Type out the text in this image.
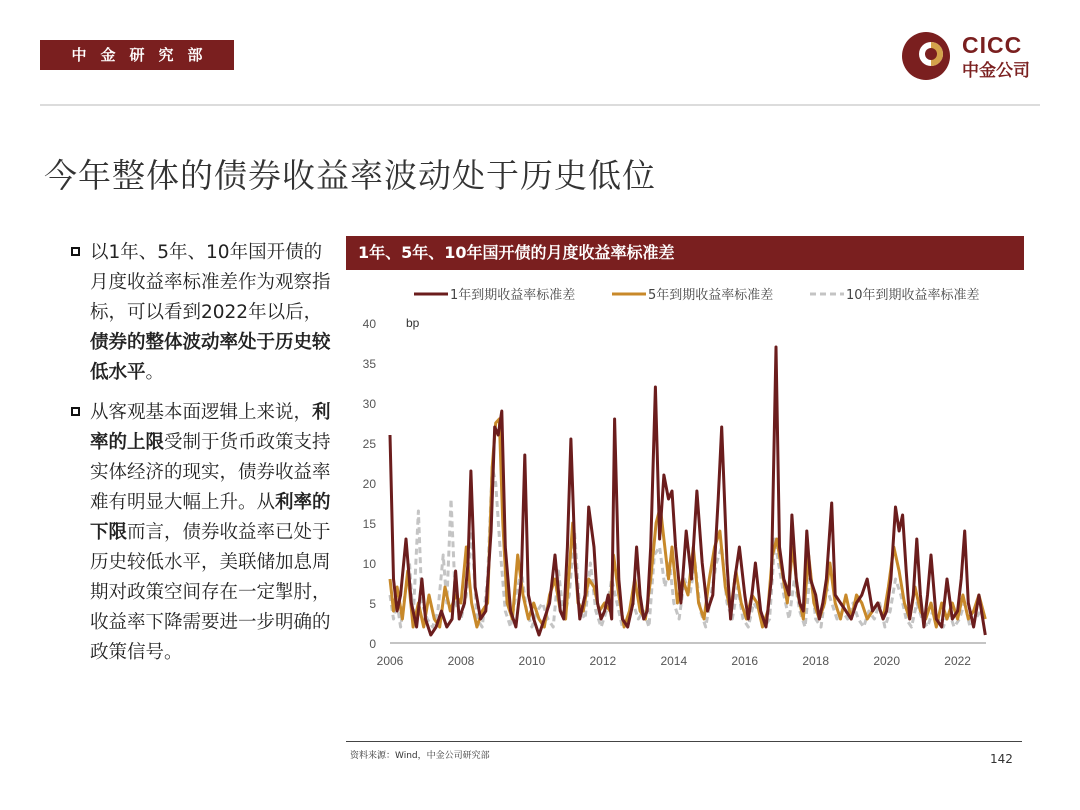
中金研究部	CICC
中金公司
今年整体的债券收益率波动处于历史低位
以1年、5年、10年国开债的月度收益率标准差作为观察指标，可以看到2022年以后，债券的整体波动率处于历史较低水平。
从客观基本面逻辑上来说，利率的上限受制于货币政策支持实体经济的现实，债券收益率难有明显大幅上升。从利率的下限而言，债券收益率已处于历史较低水平，美联储加息周期对政策空间存在一定掣肘，收益率下降需要进一步明确的政策信号。
1年、5年、10年国开债的月度收益率标准差
0
5
10
15
20
25
30
35
40	bp
2006	2008	2010	2012	2014	2016	2018	2020	2022
1年到期收益率标准差	5年到期收益率标准差	10年到期收益率标准差
资料来源：Wind，中金公司研究部	142
